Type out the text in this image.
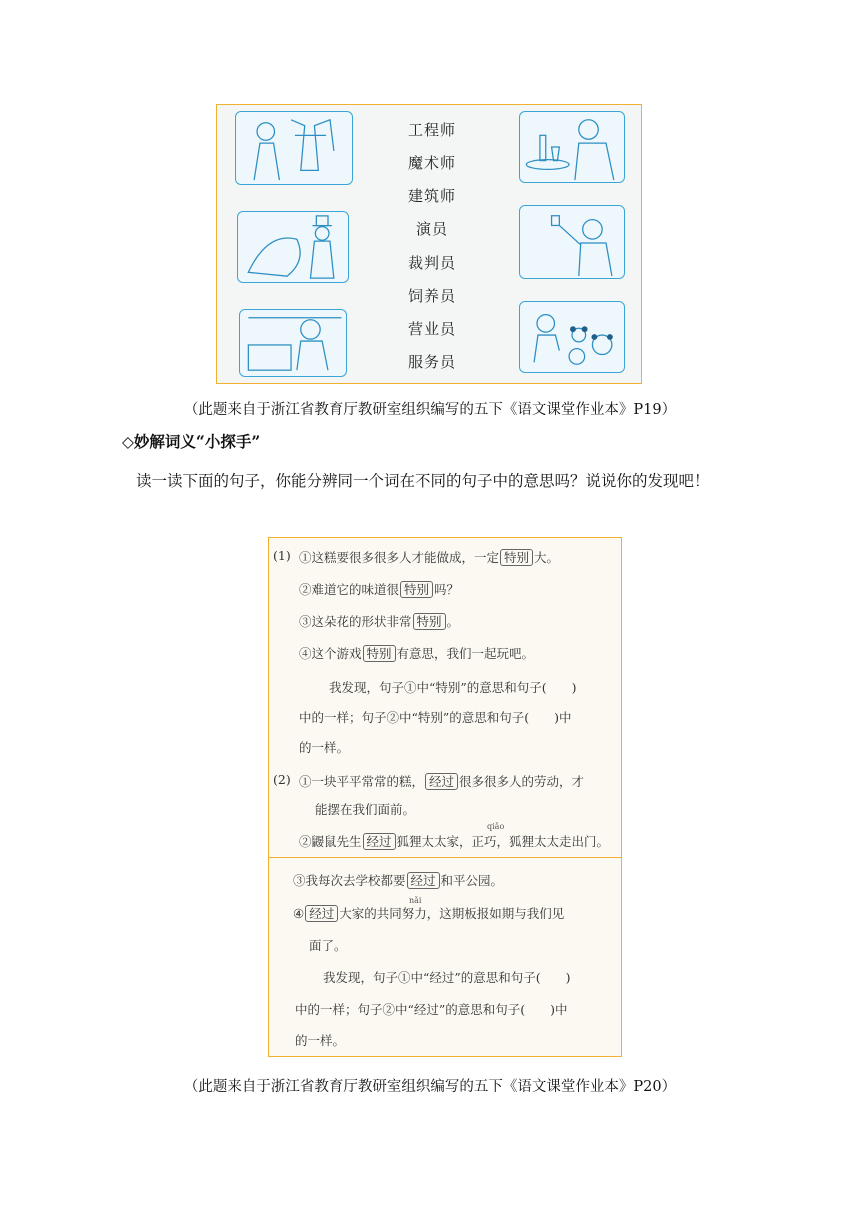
工程师
魔术师
建筑师
演员
裁判员
饲养员
营业员
服务员
（此题来自于浙江省教育厅教研室组织编写的五下《语文课堂作业本》P19）
◇妙解词义“小探手”
读一读下面的句子，你能分辨同一个词在不同的句子中的意思吗？说说你的发现吧！
(1) ①这糕要很多很多人才能做成，一定 特别 大。
②难道它的味道很 特别 吗？
③这朵花的形状非常 特别 。
④这个游戏 特别 有意思，我们一起玩吧。
我发现，句子①中“特别”的意思和句子(　　)
中的一样；句子②中“特别”的意思和句子(　　)中
的一样。
(2) ①一块平平常常的糕， 经过 很多很多人的劳动，才
能摆在我们面前。
qiǎo
②鼹鼠先生 经过 狐狸太太家，正巧，狐狸太太走出门。
③我每次去学校都要 经过 和平公园。
nǎi
④ 经过 大家的共同努力，这期板报如期与我们见
面了。
我发现，句子①中“经过”的意思和句子(　　)
中的一样；句子②中“经过”的意思和句子(　　)中
的一样。
（此题来自于浙江省教育厅教研室组织编写的五下《语文课堂作业本》P20）
